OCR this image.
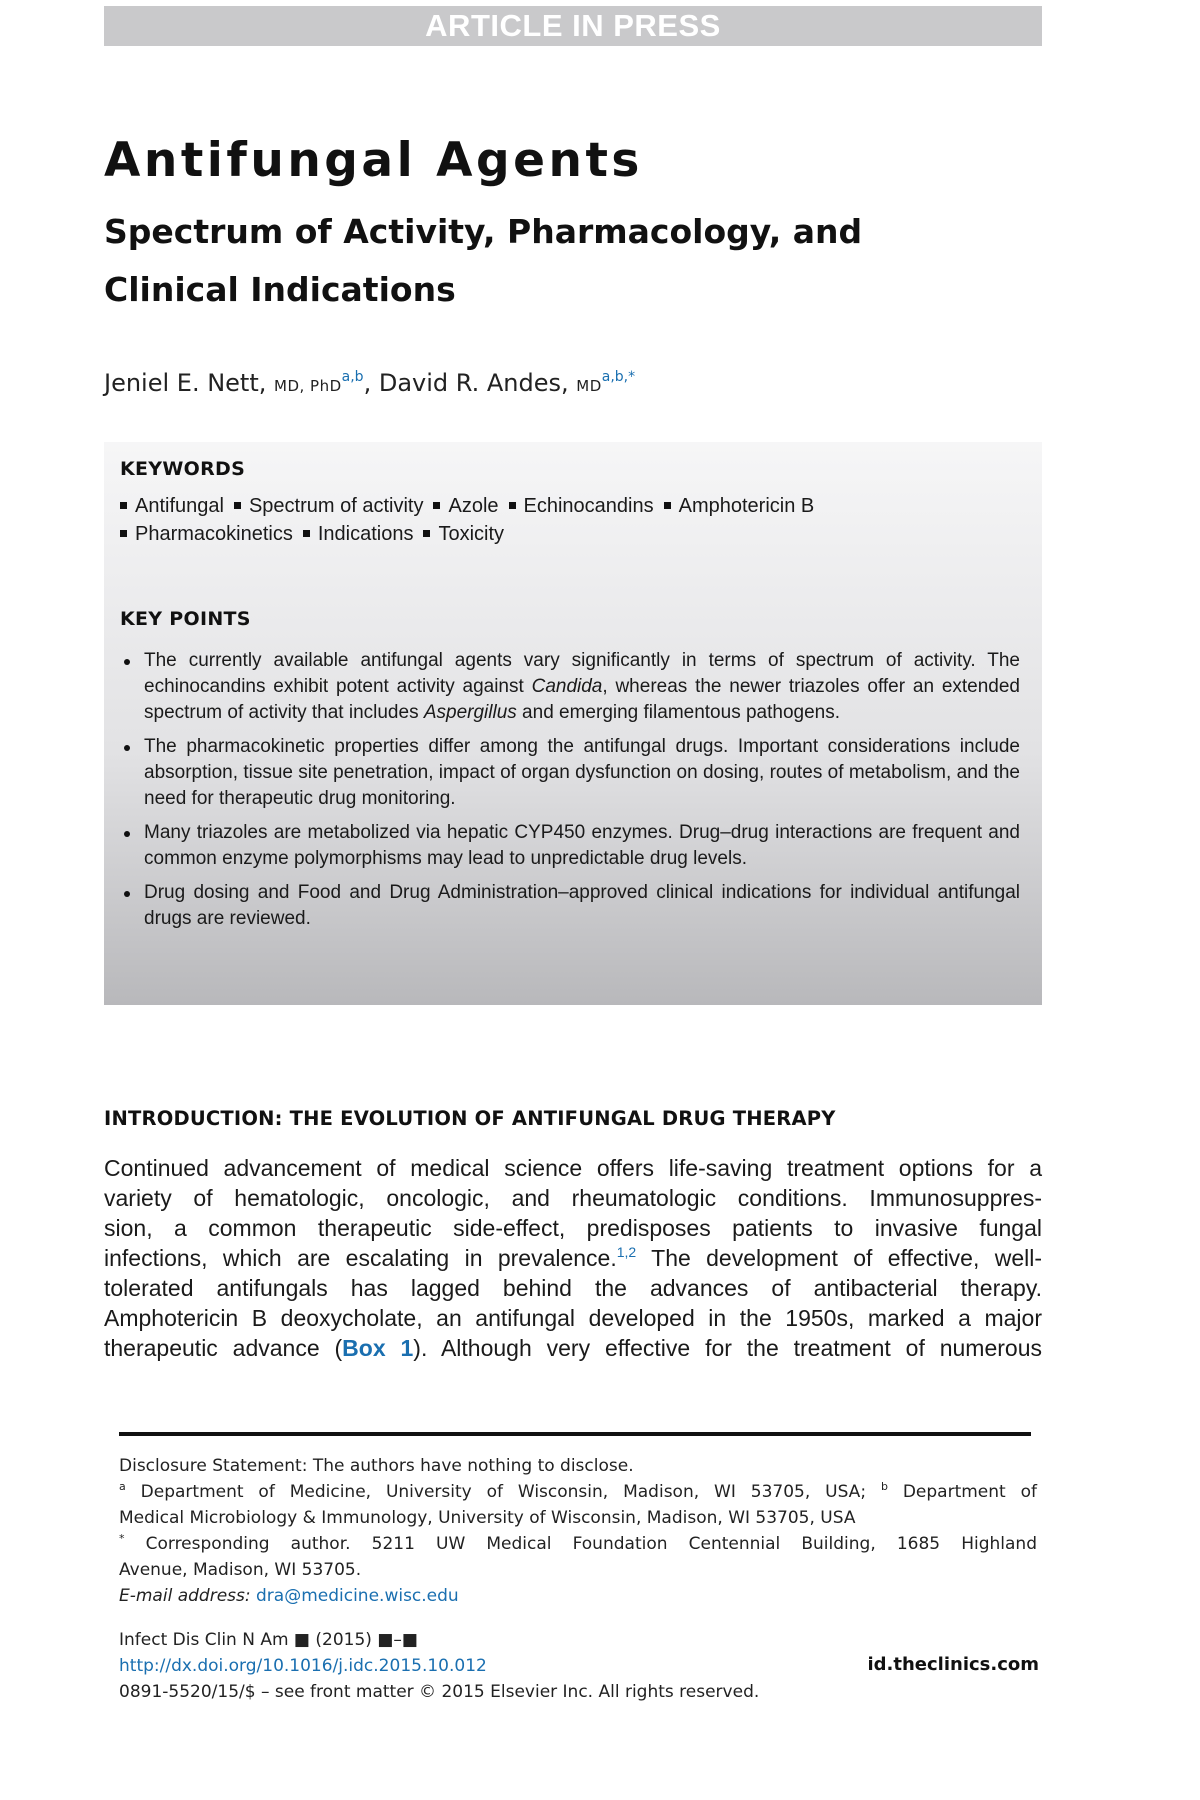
ARTICLE IN PRESS
Antifungal Agents
Spectrum of Activity, Pharmacology, and
Clinical Indications

Jeniel E. Nett, MD, PhD$^{a,b}$, David R. Andes, $MD^{a,b,*}$

KEYWORDS
Antifungal Spectrum of activity Azole Echinocandins Amphotericin B
Pharmacokinetics Indications Toxicity
KEY POINTS
The currently available antifungal agents vary significantly in terms of spectrum of activity. The echinocandins exhibit potent activity against Candida, whereas the newer triazoles offer an extended spectrum of activity that includes Aspergillus and emerging filamentous pathogens.
The pharmacokinetic properties differ among the antifungal drugs. Important considerations include absorption, tissue site penetration, impact of organ dysfunction on dosing, routes of metabolism, and the need for therapeutic drug monitoring.
Many triazoles are metabolized via hepatic CYP450 enzymes. Drug–drug interactions are frequent and common enzyme polymorphisms may lead to unpredictable drug levels.
Drug dosing and Food and Drug Administration–approved clinical indications for individual antifungal drugs are reviewed.
INTRODUCTION: THE EVOLUTION OF ANTIFUNGAL DRUG THERAPY

Continued advancement of medical science offers life-saving treatment options for a
variety of hematologic, oncologic, and rheumatologic conditions. Immunosuppres-
sion, a common therapeutic side-effect, predisposes patients to invasive fungal
infections, which are escalating in prevalence.$^{1,2}$ The development of effective, well-
tolerated antifungals has lagged behind the advances of antibacterial therapy.
Amphotericin B deoxycholate, an antifungal developed in the 1950s, marked a major
therapeutic advance (Box 1). Although very effective for the treatment of numerous

Disclosure Statement: The authors have nothing to disclose.

$^a$ Department of Medicine, University of Wisconsin, Madison, WI 53705, USA; $^b$ Department of
Medical Microbiology & Immunology, University of Wisconsin, Madison, WI 53705, USA

* Corresponding author. 5211 UW Medical Foundation Centennial Building, 1685 Highland
Avenue, Madison, WI 53705.
E-mail address: dra@medicine.wisc.edu

Infect Dis Clin N Am ■ (2015) ■–■
http://dx.doi.org/10.1016/j.idc.2015.10.012
0891-5520/15/$ – see front matter © 2015 Elsevier Inc. All rights reserved.

id.theclinics.com
